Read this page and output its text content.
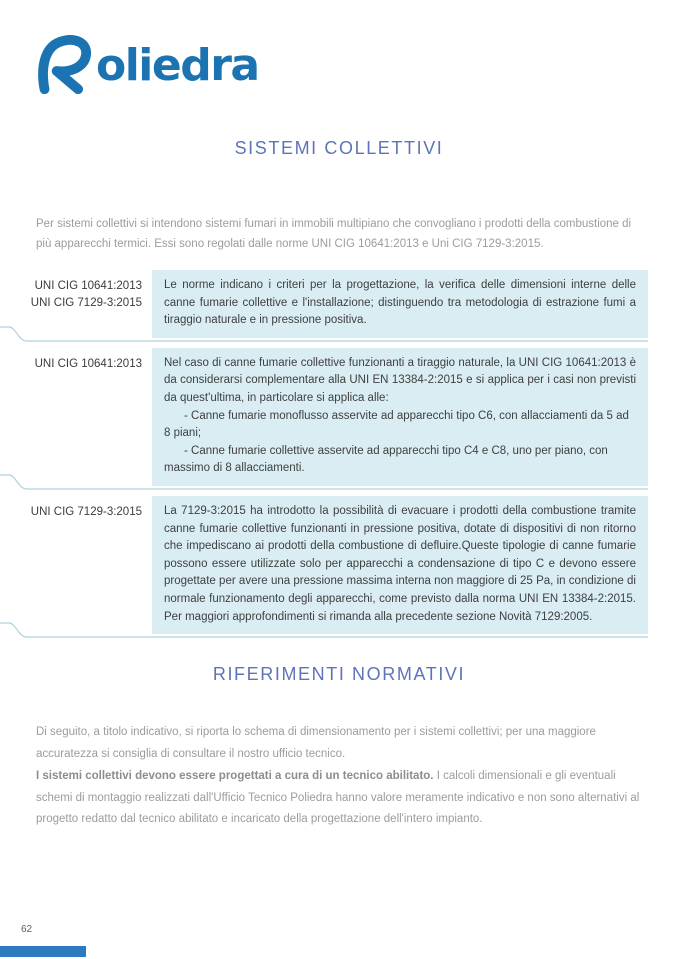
oliedra
SISTEMI COLLETTIVI

Per sistemi collettivi si intendono sistemi fumari in immobili multipiano che convogliano i prodotti della combustione di più apparecchi termici. Essi sono regolati dalle norme UNI CIG 10641:2013 e Uni CIG 7129-3:2015.

UNI CIG 10641:2013
UNI CIG 7129-3:2015

Le norme indicano i criteri per la progettazione, la verifica delle dimensioni interne delle canne fumarie collettive e l'installazione; distinguendo tra metodologia di estrazione fumi a tiraggio naturale e in pressione positiva.

UNI CIG 10641:2013 Nel caso di canne fumarie collettive funzionanti a tiraggio naturale, la UNI CIG 10641:2013 è da considerarsi complementare alla UNI EN 13384-2:2015 e si applica per i casi non previsti da quest'ultima, in particolare si applica alle:

- Canne fumarie monoflusso asservite ad apparecchi tipo C6, con allacciamenti da 5 ad 8 piani;

- Canne fumarie collettive asservite ad apparecchi tipo C4 e C8, uno per piano, con massimo di 8 allacciamenti.

UNI CIG 7129-3:2015 La 7129-3:2015 ha introdotto la possibilità di evacuare i prodotti della combustione tramite canne fumarie collettive funzionanti in pressione positiva, dotate di dispositivi di non ritorno che impediscano ai prodotti della combustione di defluire.Queste tipologie di canne fumarie possono essere utilizzate solo per apparecchi a condensazione di tipo C e devono essere progettate per avere una pressione massima interna non maggiore di 25 Pa, in condizione di normale funzionamento degli apparecchi, come previsto dalla norma UNI EN 13384-2:2015. Per maggiori approfondimenti si rimanda alla precedente sezione Novità 7129:2005.

RIFERIMENTI NORMATIVI

Di seguito, a titolo indicativo, si riporta lo schema di dimensionamento per i sistemi collettivi; per una maggiore accuratezza si consiglia di consultare il nostro ufficio tecnico.

I sistemi collettivi devono essere progettati a cura di un tecnico abilitato. I calcoli dimensionali e gli eventuali schemi di montaggio realizzati dall'Ufficio Tecnico Poliedra hanno valore meramente indicativo e non sono alternativi al progetto redatto dal tecnico abilitato e incaricato della progettazione dell'intero impianto.

62
